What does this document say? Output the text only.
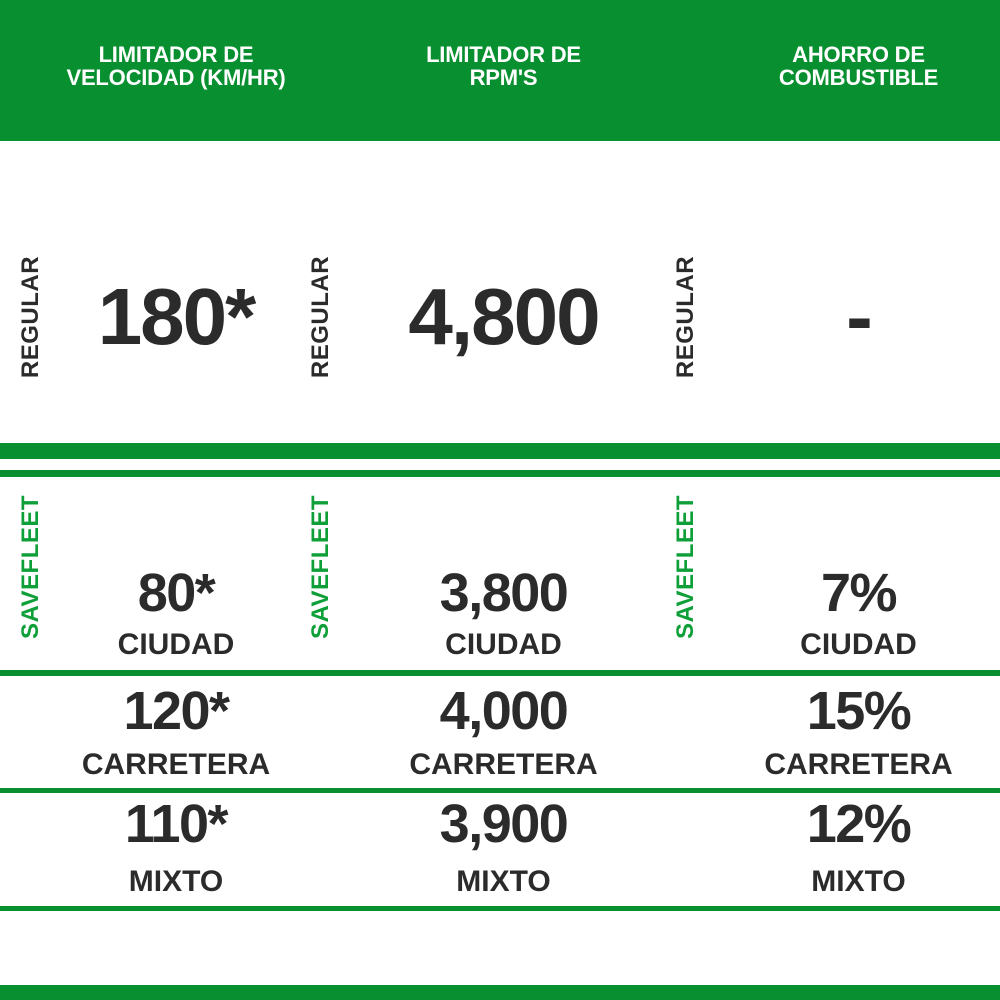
LIMITADOR DE
VELOCIDAD (KM/HR)
LIMITADOR DE
RPM'S
AHORRO DE
COMBUSTIBLE
REGULAR 180* REGULAR 4,800	REGULAR -
SAVEFLEET 80*
CIUDAD
SAVEFLEET 3,800
CIUDAD
SAVEFLEET 7%
CIUDAD
120*
CARRETERA
4,000
CARRETERA
15%
CARRETERA
110*
MIXTO
3,900
MIXTO
12%
MIXTO
